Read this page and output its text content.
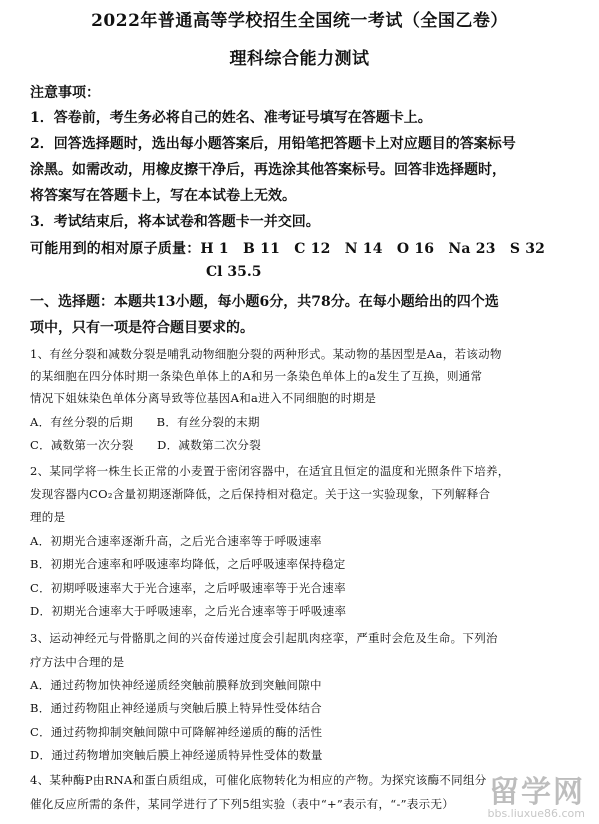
2022年普通高等学校招生全国统一考试（全国乙卷）
理科综合能力测试
注意事项：
1．答卷前，考生务必将自己的姓名、准考证号填写在答题卡上。
2．回答选择题时，选出每小题答案后，用铅笔把答题卡上对应题目的答案标号
涂黑。如需改动，用橡皮擦干净后，再选涂其他答案标号。回答非选择题时，
将答案写在答题卡上，写在本试卷上无效。
3．考试结束后，将本试卷和答题卡一并交回。
可能用到的相对原子质量：H 1　B 11　C 12　N 14　O 16　Na 23　S 32
Cl 35.5
一、选择题：本题共13小题，每小题6分，共78分。在每小题给出的四个选
项中，只有一项是符合题目要求的。
1、有丝分裂和减数分裂是哺乳动物细胞分裂的两种形式。某动物的基因型是Aa，若该动物
的某细胞在四分体时期一条染色单体上的A和另一条染色单体上的a发生了互换，则通常
情况下姐妹染色单体分离导致等位基因A和a进入不同细胞的时期是
A．有丝分裂的后期　　B．有丝分裂的末期
C．减数第一次分裂　　D．减数第二次分裂
2、某同学将一株生长正常的小麦置于密闭容器中，在适宜且恒定的温度和光照条件下培养，
发现容器内CO₂含量初期逐渐降低，之后保持相对稳定。关于这一实验现象，下列解释合
理的是
A．初期光合速率逐渐升高，之后光合速率等于呼吸速率
B．初期光合速率和呼吸速率均降低，之后呼吸速率保持稳定
C．初期呼吸速率大于光合速率，之后呼吸速率等于光合速率
D．初期光合速率大于呼吸速率，之后光合速率等于呼吸速率
3、运动神经元与骨骼肌之间的兴奋传递过度会引起肌肉痉挛，严重时会危及生命。下列治
疗方法中合理的是
A．通过药物加快神经递质经突触前膜释放到突触间隙中
B．通过药物阻止神经递质与突触后膜上特异性受体结合
C．通过药物抑制突触间隙中可降解神经递质的酶的活性
D．通过药物增加突触后膜上神经递质特异性受体的数量
4、某种酶P由RNA和蛋白质组成，可催化底物转化为相应的产物。为探究该酶不同组分
催化反应所需的条件，某同学进行了下列5组实验（表中“+”表示有，“-”表示无）	留学网
bbs.liuxue86.com
